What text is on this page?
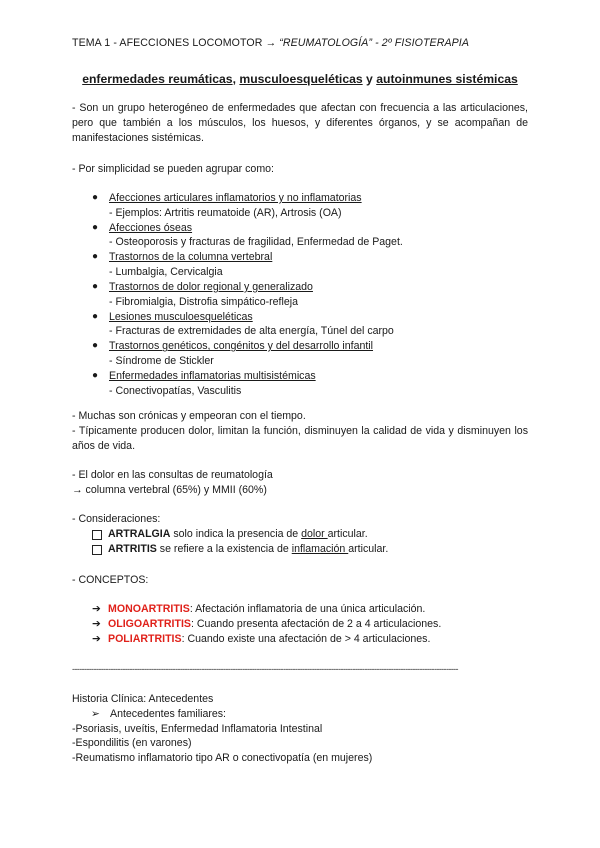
TEMA 1 - AFECCIONES LOCOMOTOR → “REUMATOLOGÍA” - 2º FISIOTERAPIA
enfermedades reumáticas, musculoesqueléticas y autoinmunes sistémicas
- Son un grupo heterogéneo de enfermedades que afectan con frecuencia a las articulaciones, pero que también a los músculos, los huesos, y diferentes órganos, y se acompañan de manifestaciones sistémicas.
- Por simplicidad se pueden agrupar como:
● Afecciones articulares inflamatorios y no inflamatorias
- Ejemplos: Artritis reumatoide (AR), Artrosis (OA)
● Afecciones óseas
- Osteoporosis y fracturas de fragilidad, Enfermedad de Paget.
● Trastornos de la columna vertebral
- Lumbalgia, Cervicalgia
● Trastornos de dolor regional y generalizado
- Fibromialgia, Distrofia simpático-refleja
● Lesiones musculoesqueléticas
- Fracturas de extremidades de alta energía, Túnel del carpo
● Trastornos genéticos, congénitos y del desarrollo infantil
- Síndrome de Stickler
● Enfermedades inflamatorias multisistémicas
- Conectivopatías, Vasculitis
- Muchas son crónicas y empeoran con el tiempo.
- Típicamente producen dolor, limitan la función, disminuyen la calidad de vida y disminuyen los años de vida.
- El dolor en las consultas de reumatología
→ columna vertebral (65%) y MMII (60%)
- Consideraciones:
ARTRALGIA solo indica la presencia de dolor articular.
ARTRITIS se refiere a la existencia de inflamación articular.
- CONCEPTOS:
➔ MONOARTRITIS: Afectación inflamatoria de una única articulación.
➔ OLIGOARTRITIS: Cuando presenta afectación de 2 a 4 articulaciones.
➔ POLIARTRITIS: Cuando existe una afectación de > 4 articulaciones.
-----------------------------------------------------------------------------------------------------------------------------------------------------------------
Historia Clínica: Antecedentes
➢ Antecedentes familiares:
-Psoriasis, uveítis, Enfermedad Inflamatoria Intestinal
-Espondilitis (en varones)
-Reumatismo inflamatorio tipo AR o conectivopatía (en mujeres)
